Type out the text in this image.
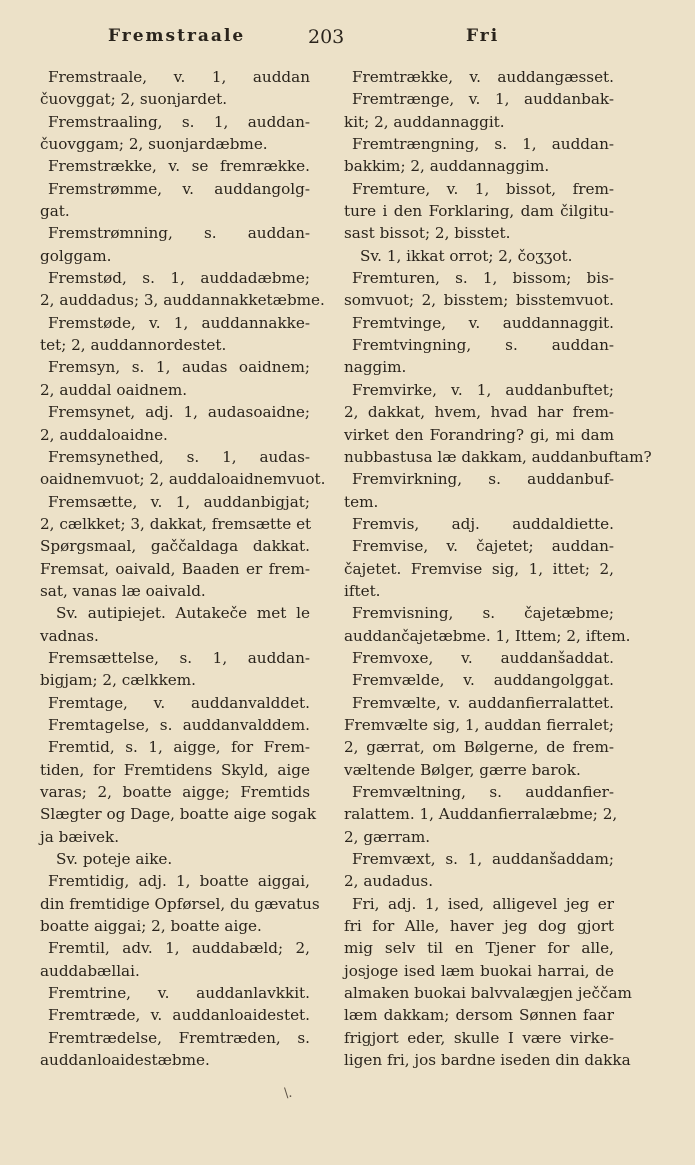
Fremstraale	203	Fri
Fremstraale, v. 1, auddan
čuovggat; 2, suonjardet.
Fremstraaling, s. 1, auddan-
čuovggam; 2, suonjardæbme.
Fremstrække, v. se fremrække.
Fremstrømme, v. auddangolg-
gat.
Fremstrømning, s. auddan-
golggam.
Fremstød, s. 1, auddadæbme;
2, auddadus; 3, auddannakketæbme.
Fremstøde, v. 1, auddannakke-
tet; 2, auddannordestet.
Fremsyn, s. 1, audas oaidnem;
2, auddal oaidnem.
Fremsynet, adj. 1, audasoaidne;
2, auddaloaidne.
Fremsynethed, s. 1, audas-
oaidnemvuot; 2, auddaloaidnemvuot.
Fremsætte, v. 1, auddanbigjat;
2, cælkket; 3, dakkat, fremsætte et
Spørgsmaal, gaččaldaga dakkat.
Fremsat, oaivald, Baaden er frem-
sat, vanas læ oaivald.
Sv. autipiejet. Autakeče met le
vadnas.
Fremsættelse, s. 1, auddan-
bigjam; 2, cælkkem.
Fremtage, v. auddanvalddet.
Fremtagelse, s. auddanvalddem.
Fremtid, s. 1, aigge, for Frem-
tiden, for Fremtidens Skyld, aige
varas; 2, boatte aigge; Fremtids
Slægter og Dage, boatte aige sogak
ja bæivek.
Sv. poteje aike.
Fremtidig, adj. 1, boatte aiggai,
din fremtidige Opførsel, du gævatus
boatte aiggai; 2, boatte aige.
Fremtil, adv. 1, auddabæld; 2,
auddabællai.
Fremtrine, v. auddanlavkkit.
Fremtræde, v. auddanloaidestet.
Fremtrædelse, Fremtræden, s.
auddanloaidestæbme.
Fremtrække, v. auddangæsset.
Fremtrænge, v. 1, auddanbak-
kit; 2, auddannaggit.
Fremtrængning, s. 1, auddan-
bakkim; 2, auddannaggim.
Fremture, v. 1, bissot, frem-
ture i den Forklaring, dam čilgitu-
sast bissot; 2, bisstet.
Sv. 1, ikkat orrot; 2, čoʒʒot.
Fremturen, s. 1, bissom; bis-
somvuot; 2, bisstem; bisstemvuot.
Fremtvinge, v. auddannaggit.
Fremtvingning, s. auddan-
naggim.
Fremvirke, v. 1, auddanbuftet;
2, dakkat, hvem, hvad har frem-
virket den Forandring? gi, mi dam
nubbastusa læ dakkam, auddanbuftam?
Fremvirkning, s. auddanbuf-
tem.
Fremvis, adj. auddaldiette.
Fremvise, v. čajetet; auddan-
čajetet. Fremvise sig, 1, ittet; 2,
iftet.
Fremvisning, s. čajetæbme;
auddančajetæbme. 1, Ittem; 2, iftem.
Fremvoxe, v. auddanšaddat.
Fremvælde, v. auddangolggat.
Fremvælte, v. auddanfierralattet.
Fremvælte sig, 1, auddan fierralet;
2, gærrat, om Bølgerne, de frem-
væltende Bølger, gærre barok.
Fremvæltning, s. auddanfier-
ralattem. 1, Auddanfierralæbme; 2,
2, gærram.
Fremvæxt, s. 1, auddanšaddam;
2, audadus.
Fri, adj. 1, ised, alligevel jeg er
fri for Alle, haver jeg dog gjort
mig selv til en Tjener for alle,
josjoge ised læm buokai harrai, de
almaken buokai balvvalægjen ječčam
læm dakkam; dersom Sønnen faar
frigjort eder, skulle I være virke-
ligen fri, jos bardne iseden din dakka
\.
